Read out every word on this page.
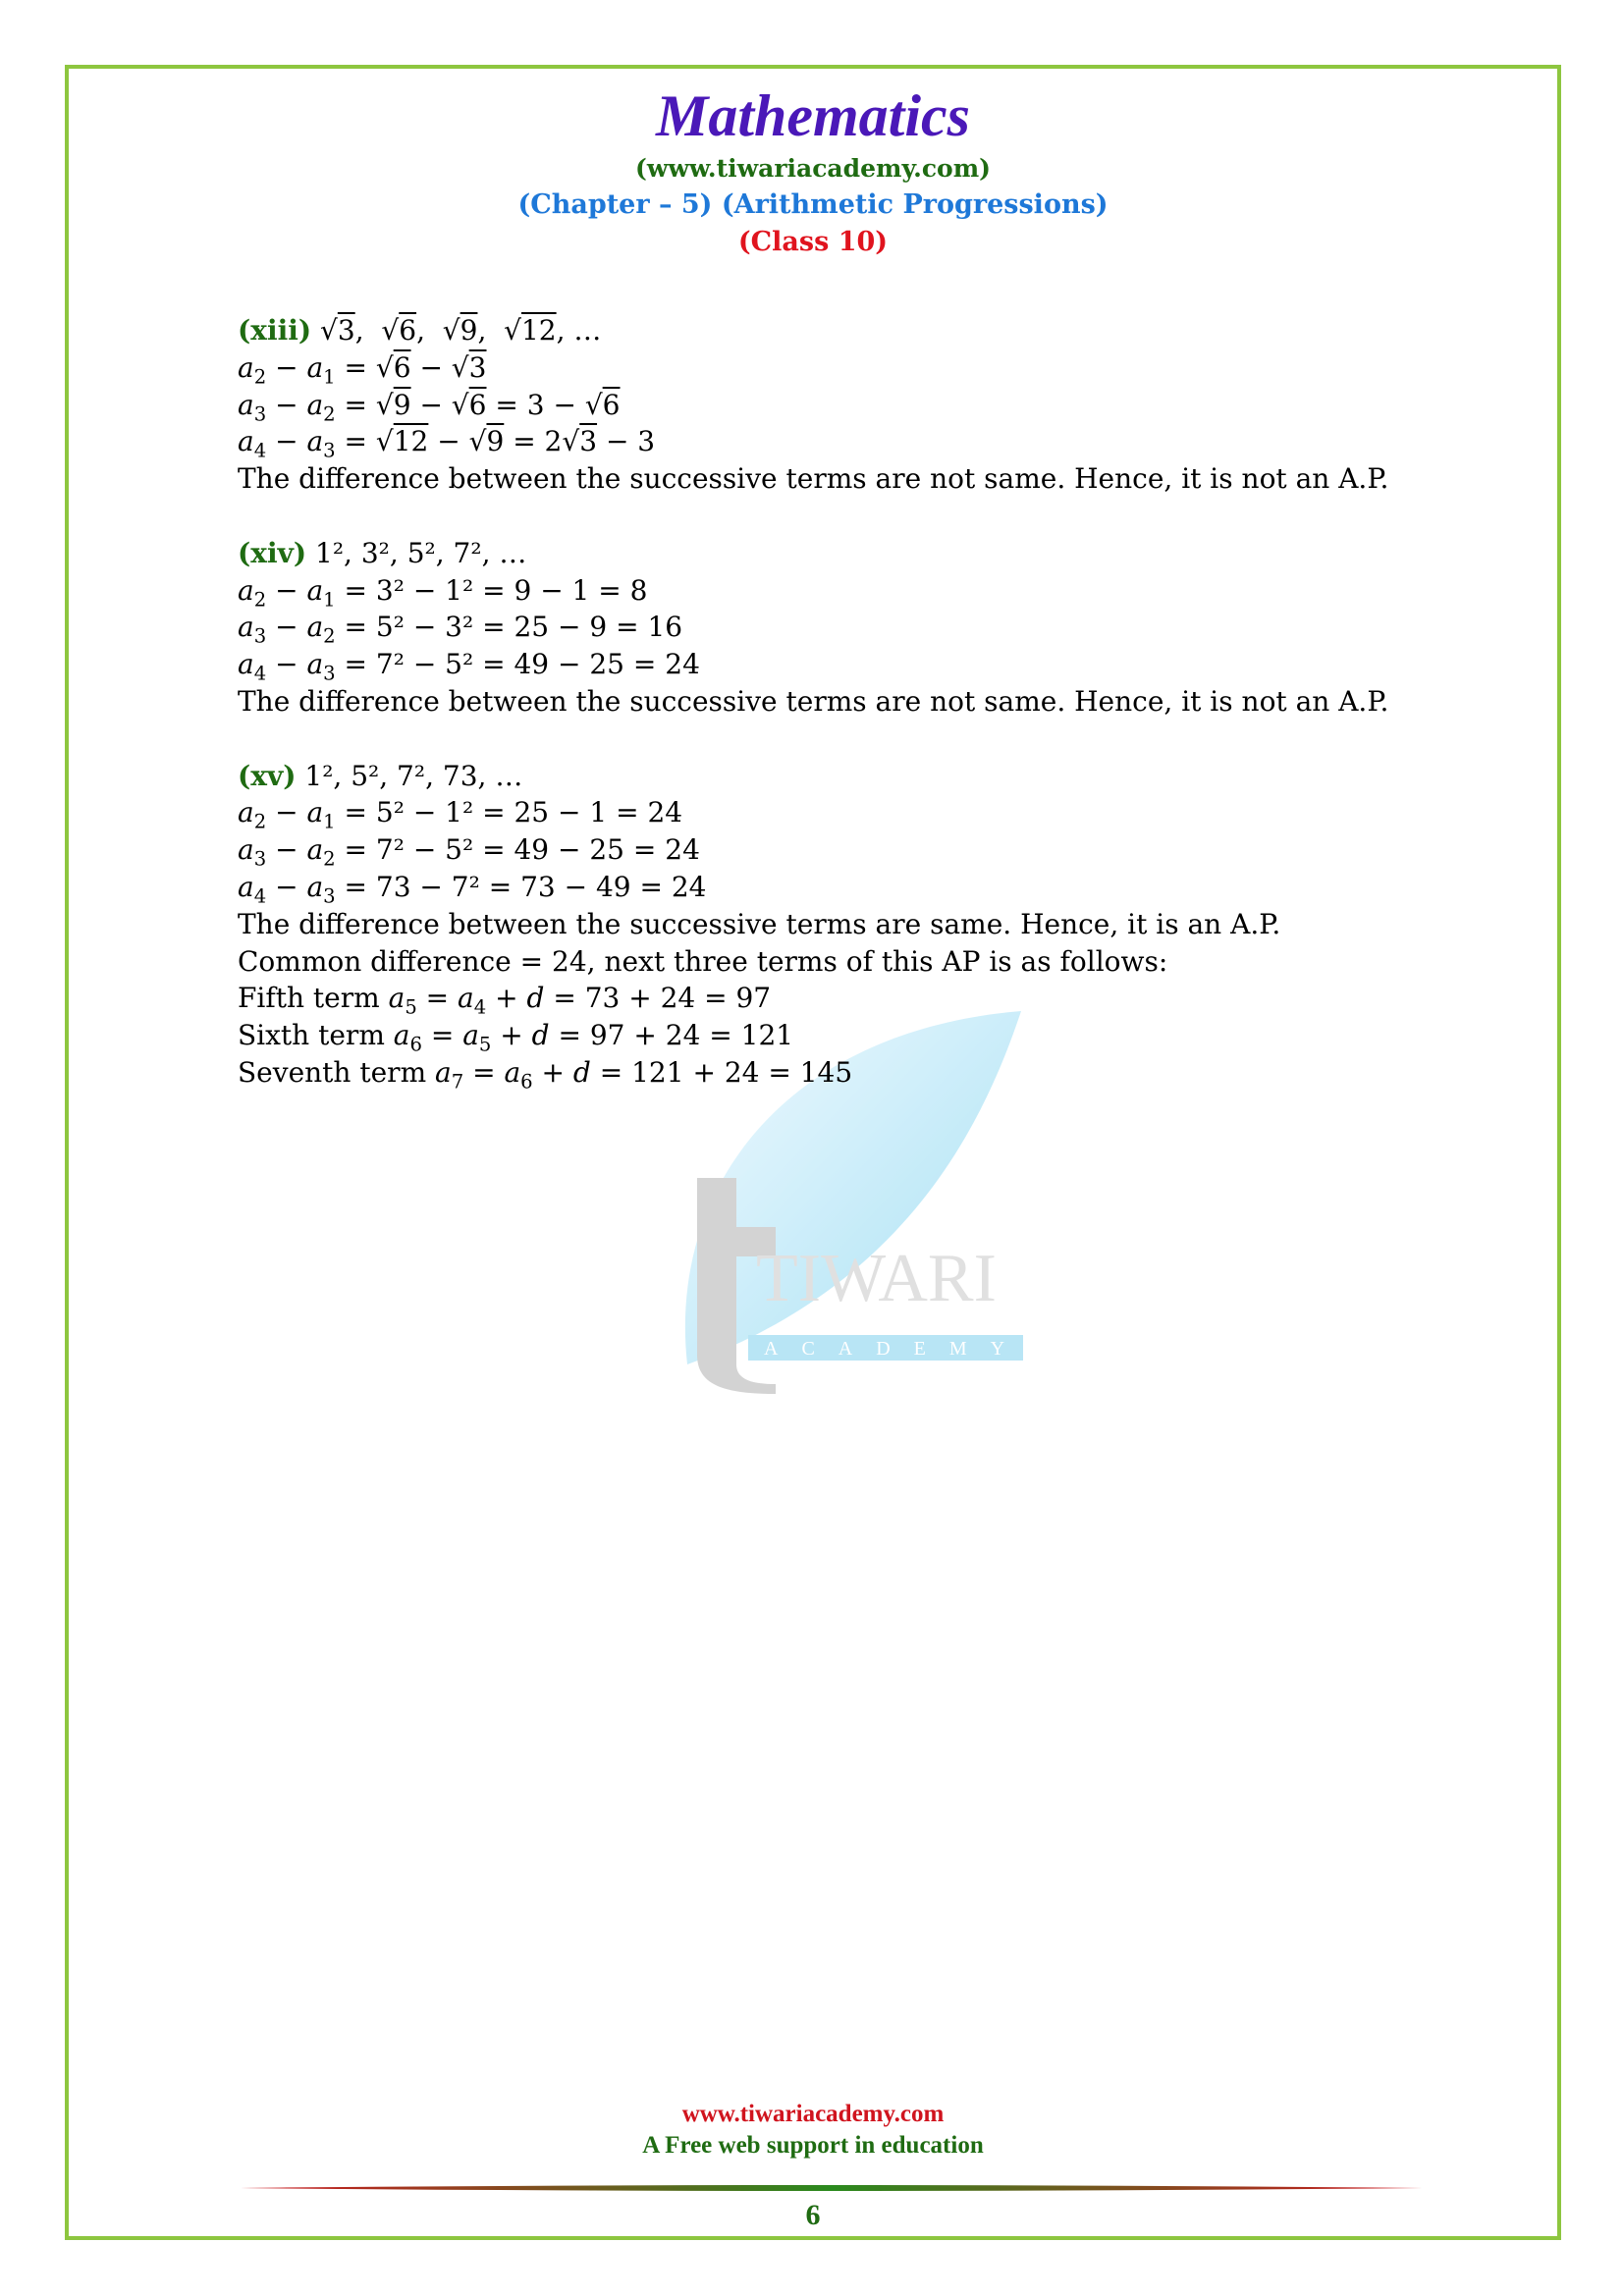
Mathematics
(www.tiwariacademy.com)
(Chapter – 5) (Arithmetic Progressions)
(Class 10)
TIWARI
ACADEMY
(xiii) √3,  √6,  √9,  √12, …
$a_2 - a_1 = √6 - √3$
$a_3 - a_2 = √9 - √6 = 3 - √6$
$a_4 - a_3 = √12 - √9 = 2√3 - 3$
The difference between the successive terms are not same. Hence, it is not an A.P.
(xiv) 1², 3², 5², 7², …
$a_2 - a_1 = 3^2 - 1^2 = 9 - 1 = 8$
$a_3 - a_2 = 5^2 - 3^2 = 25 - 9 = 16$
$a_4 - a_3 = 7^2 - 5^2 = 49 - 25 = 24$
The difference between the successive terms are not same. Hence, it is not an A.P.
(xv) 1², 5², 7², 73, …
$a_2 - a_1 = 5^2 - 1^2 = 25 - 1 = 24$
$a_3 - a_2 = 7^2 - 5^2 = 49 - 25 = 24$
$a_4 - a_3 = 73 - 7^2 = 73 - 49 = 24$
The difference between the successive terms are same. Hence, it is an A.P.
Common difference = 24, next three terms of this AP is as follows:
Fifth term $a_5 = a_4 + d = 73 + 24 = 97$
Sixth term $a_6 = a_5 + d = 97 + 24 = 121$
Seventh term $a_7 = a_6 + d = 121 + 24 = 145$
www.tiwariacademy.com
A Free web support in education
6
